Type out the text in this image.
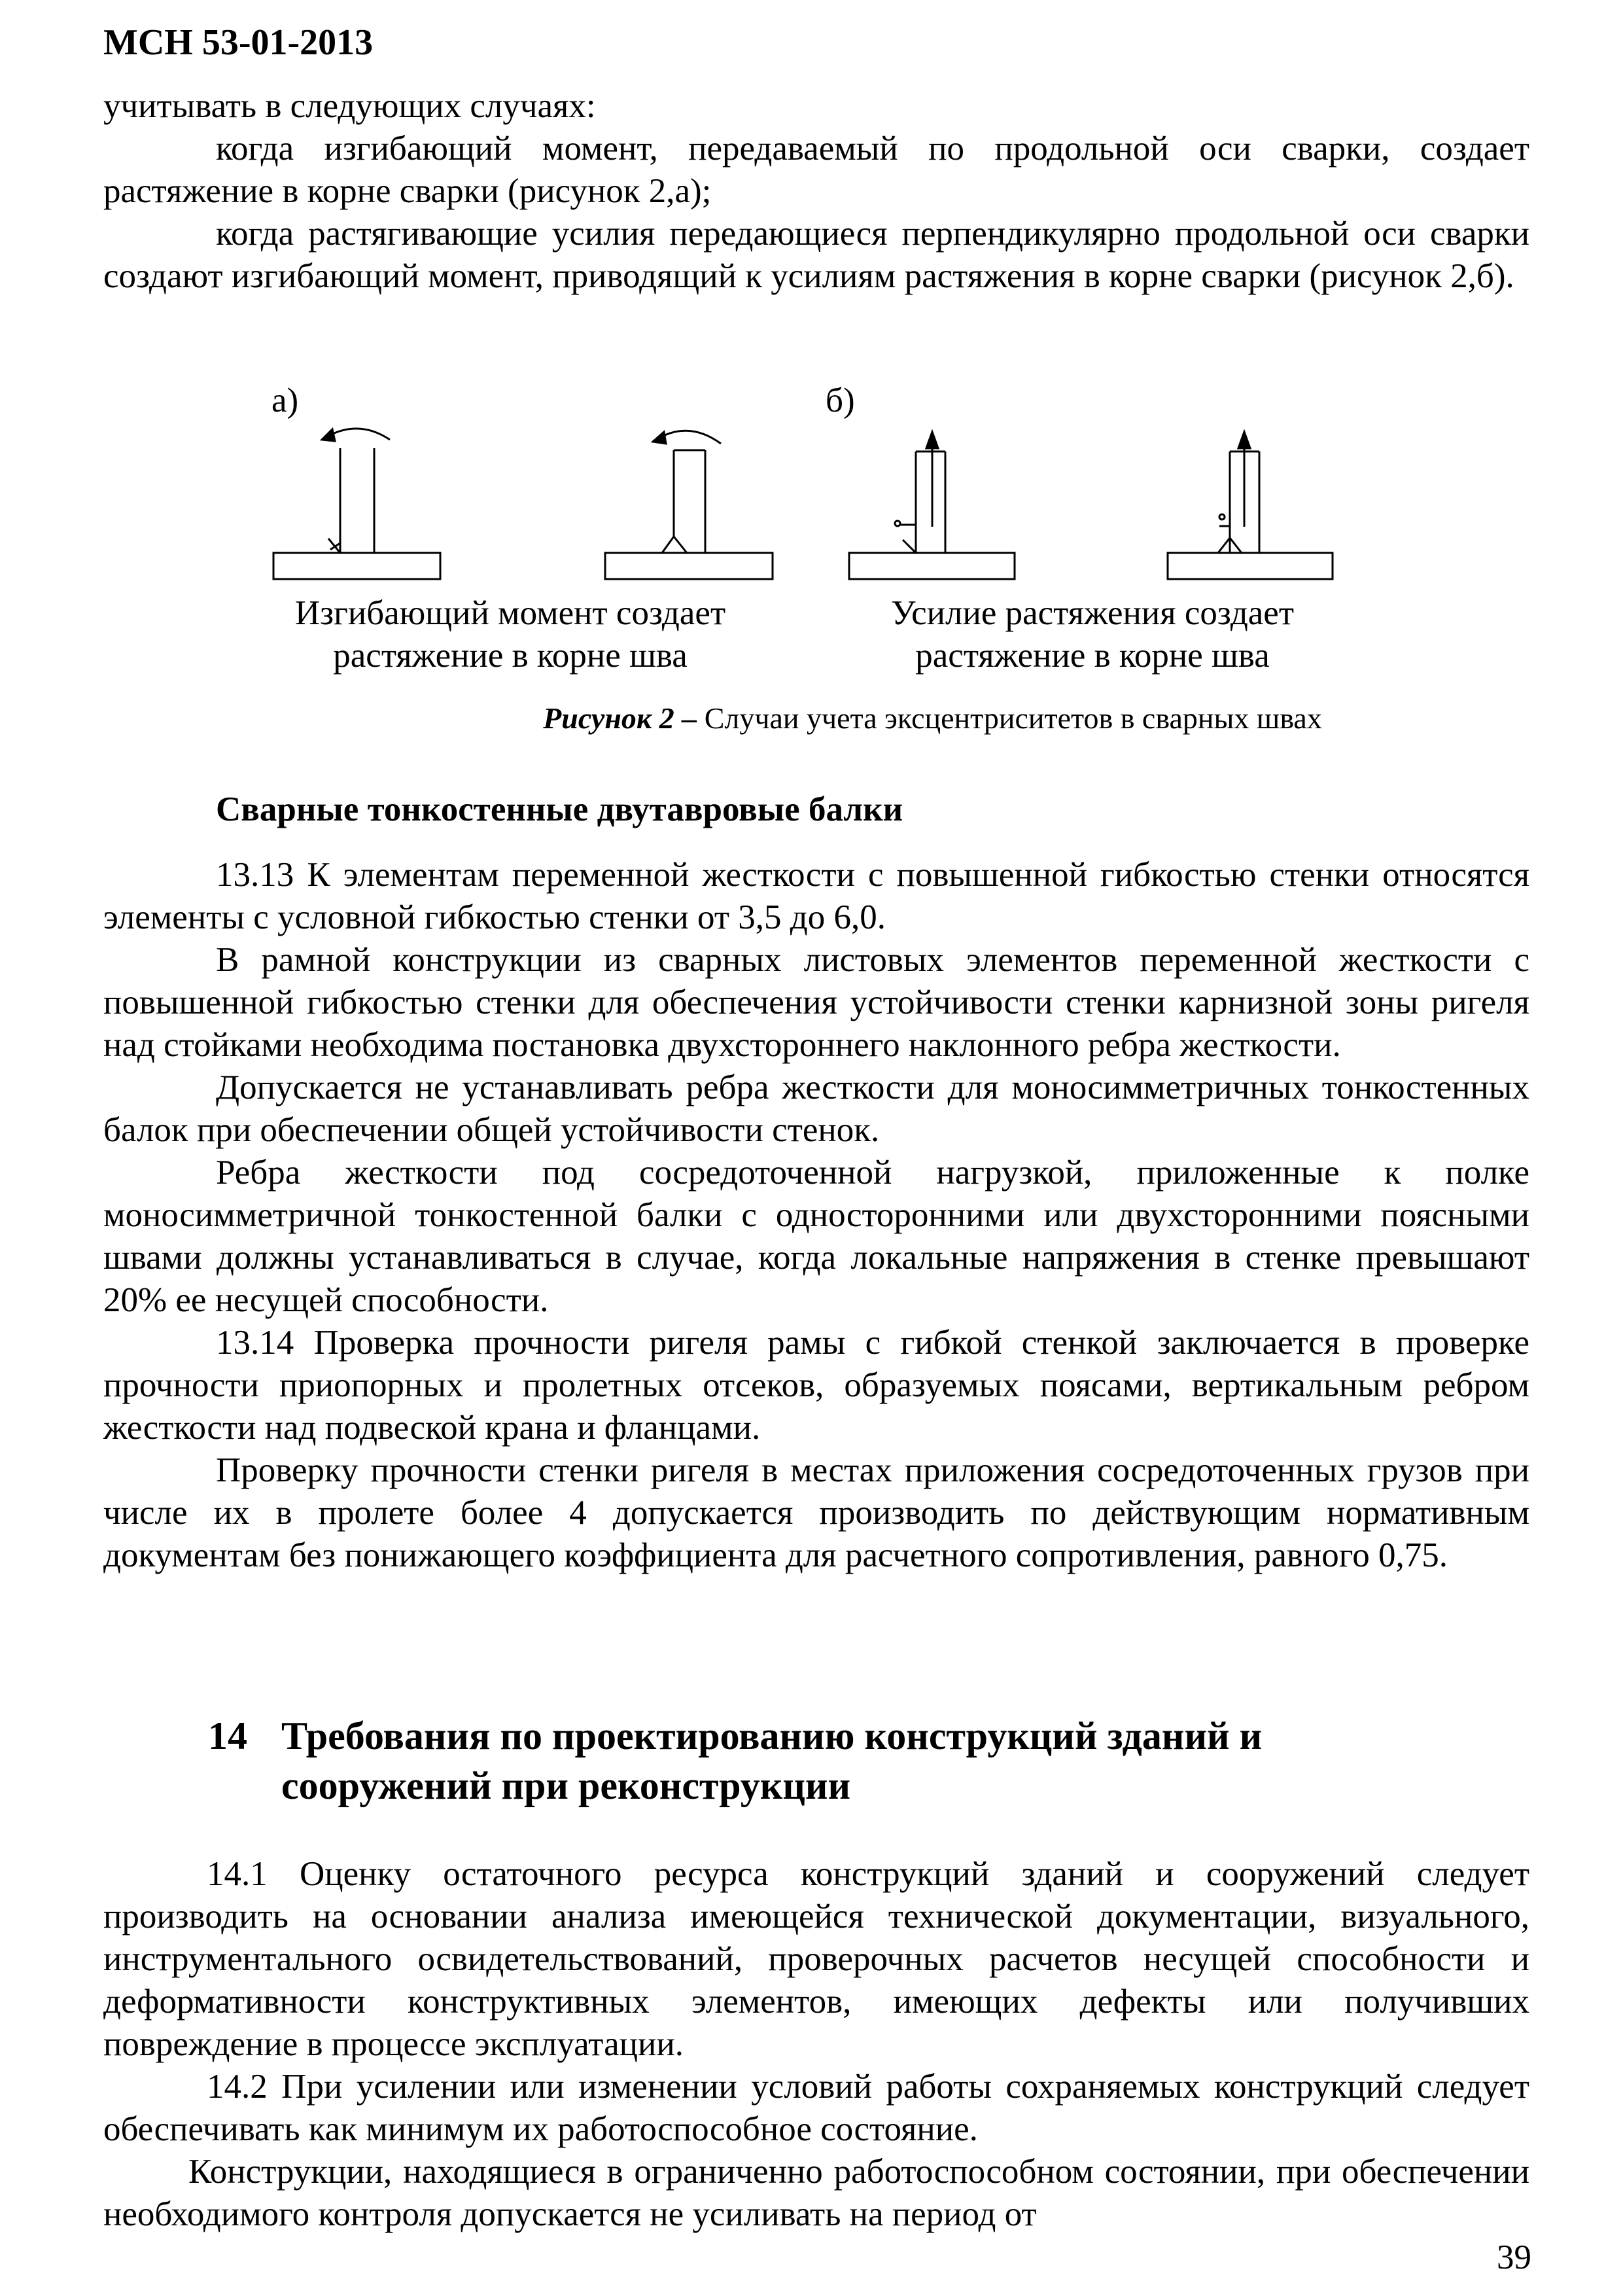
МСН 53-01-2013

учитывать в следующих случаях:

когда изгибающий момент, передаваемый по продольной оси сварки, создает растяжение в корне сварки (рисунок 2,а);

когда растягивающие усилия передающиеся перпендикулярно продольной оси сварки создают изгибающий момент, приводящий к усилиям растяжения в корне сварки (рисунок 2,б).

а)	б)
Изгибающий момент создает
растяжение в корне шва
Усилие растяжения создает
растяжение в корне шва
Рисунок 2 – Случаи учета эксцентриситетов в сварных швах
Сварные тонкостенные двутавровые балки

13.13 К элементам переменной жесткости с повышенной гибкостью стенки относятся элементы с условной гибкостью стенки от 3,5 до 6,0.

В рамной конструкции из сварных листовых элементов переменной жесткости с повышенной гибкостью стенки для обеспечения устойчивости стенки карнизной зоны ригеля над стойками необходима постановка двухстороннего наклонного ребра жесткости.

Допускается не устанавливать ребра жесткости для моносимметричных тонкостенных балок при обеспечении общей устойчивости стенок.

Ребра жесткости под сосредоточенной нагрузкой, приложенные к полке моносимметричной тонкостенной балки с односторонними или двухсторонними поясными швами должны устанавливаться в случае, когда локальные напряжения в стенке превышают 20% ее несущей способности.

13.14 Проверка прочности ригеля рамы с гибкой стенкой заключается в проверке прочности приопорных и пролетных отсеков, образуемых поясами, вертикальным ребром жесткости над подвеской крана и фланцами.

Проверку прочности стенки ригеля в местах приложения сосредоточенных грузов при числе их в пролете более 4 допускается производить по действующим нормативным документам без понижающего коэффициента для расчетного сопротивления, равного 0,75.

14 Требования по проектированию конструкций зданий и
сооружений при реконструкции

14.1 Оценку остаточного ресурса конструкций зданий и сооружений следует производить на основании анализа имеющейся технической документации, визуального, инструментального освидетельствований, проверочных расчетов несущей способности и деформативности конструктивных элементов, имеющих дефекты или получивших повреждение в процессе эксплуатации.

14.2 При усилении или изменении условий работы сохраняемых конструкций следует обеспечивать как минимум их работоспособное состояние.

Конструкции, находящиеся в ограниченно работоспособном состоянии, при обеспечении необходимого контроля допускается не усиливать на период от

39
